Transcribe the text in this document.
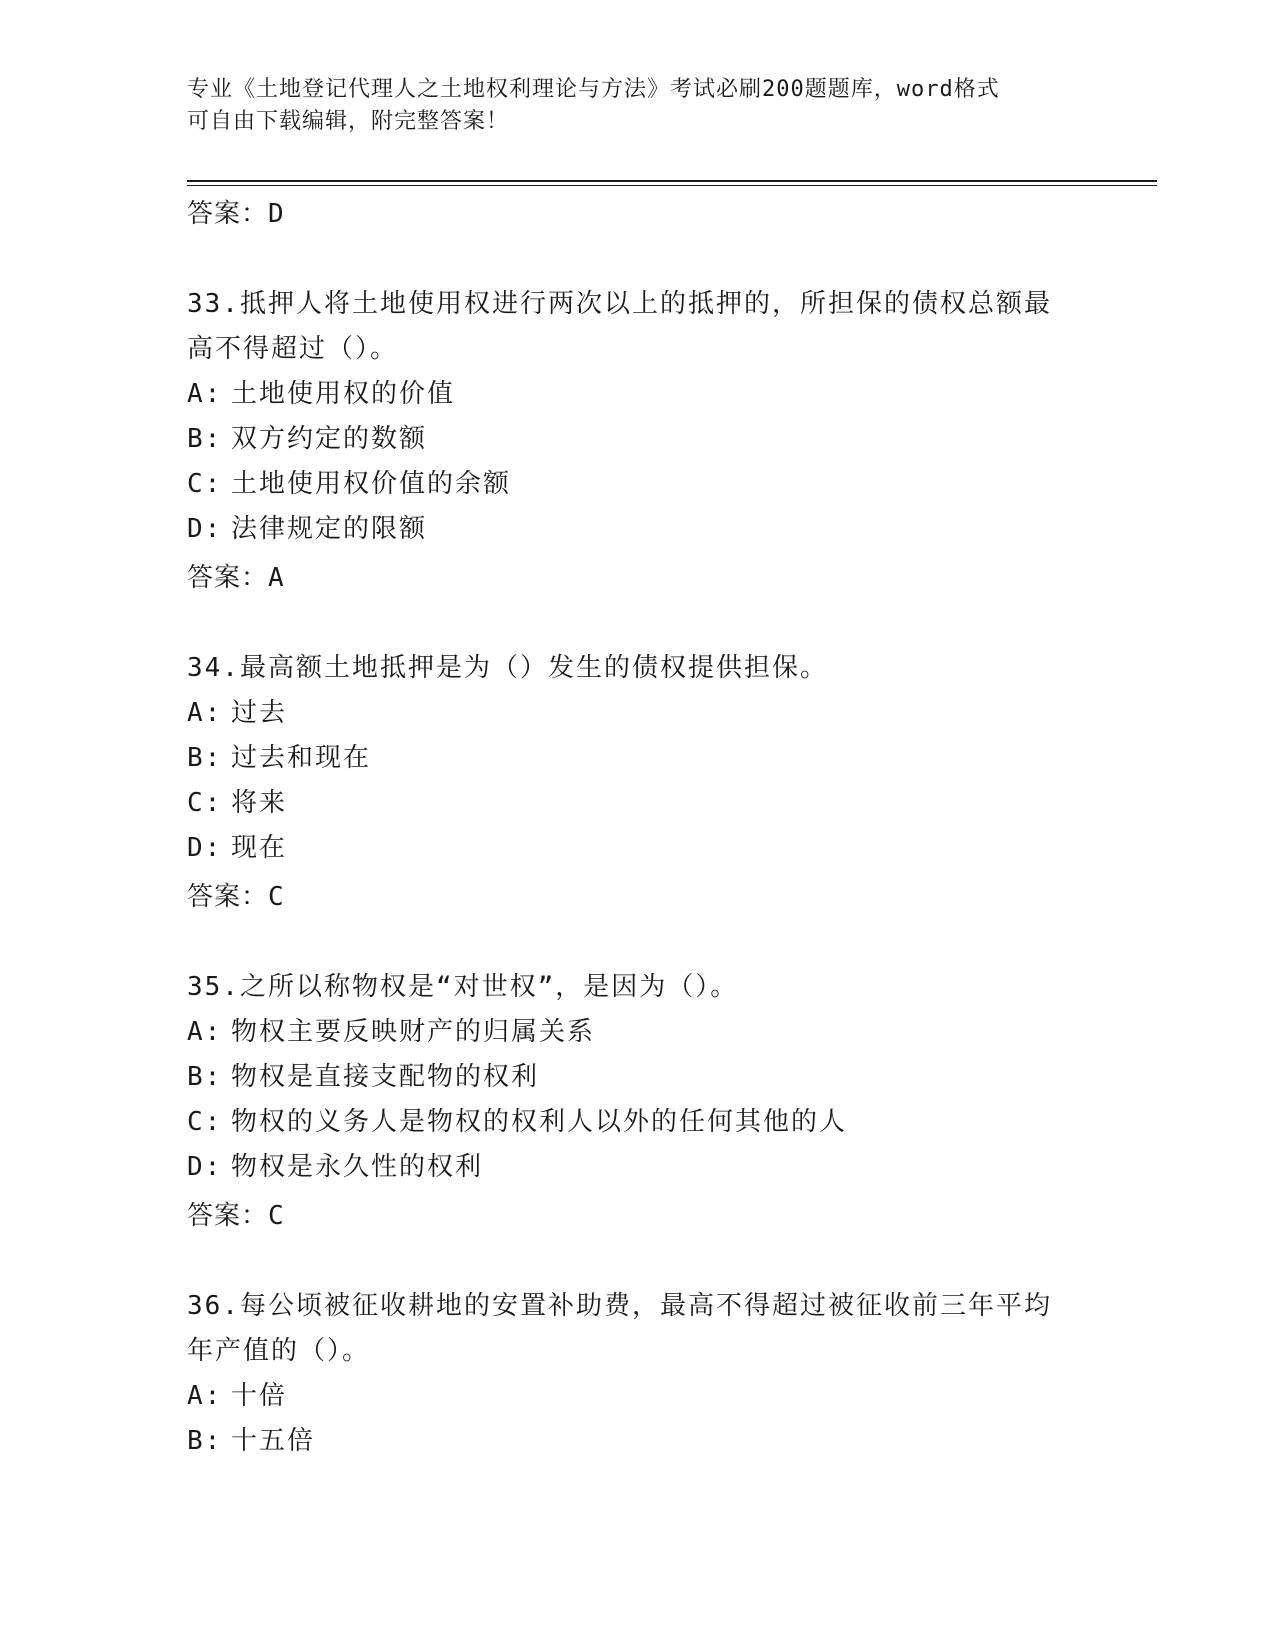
专业《土地登记代理人之土地权利理论与方法》考试必刷200题题库，word格式
可自由下载编辑，附完整答案！
答案：D
33.抵押人将土地使用权进行两次以上的抵押的，所担保的债权总额最
高不得超过（）。
A: 土地使用权的价值
B: 双方约定的数额
C: 土地使用权价值的余额
D: 法律规定的限额
答案：A
34.最高额土地抵押是为（）发生的债权提供担保。
A: 过去
B: 过去和现在
C: 将来
D: 现在
答案：C
35.之所以称物权是“对世权”，是因为（）。
A: 物权主要反映财产的归属关系
B: 物权是直接支配物的权利
C: 物权的义务人是物权的权利人以外的任何其他的人
D: 物权是永久性的权利
答案：C
36.每公顷被征收耕地的安置补助费，最高不得超过被征收前三年平均
年产值的（）。
A: 十倍
B: 十五倍
